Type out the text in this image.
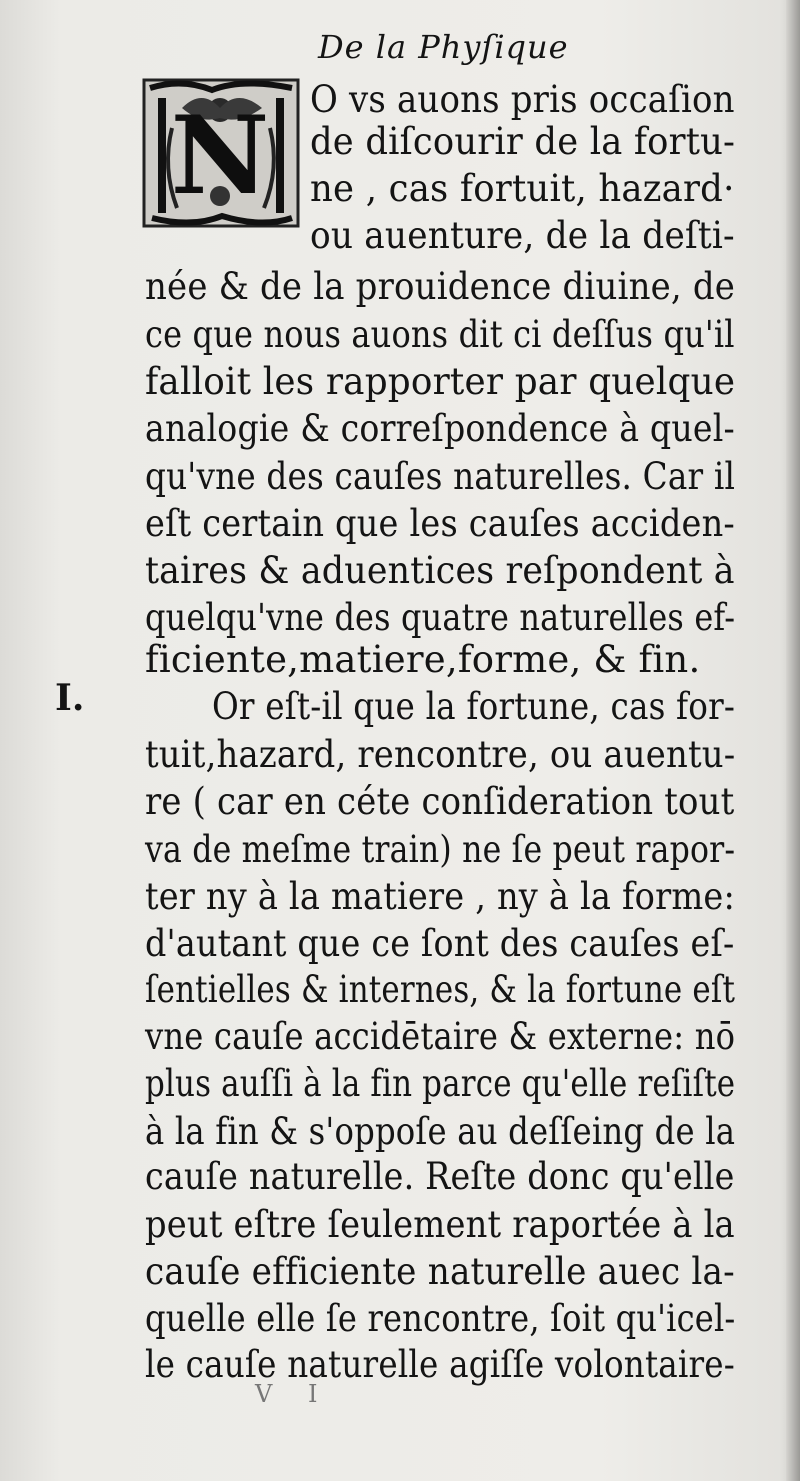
De la Phyſique
N
I.
O vs auons pris occaſion
de diſcourir de la fortu-
ne , cas fortuit, hazard·
ou auenture, de la deſti-
née & de la prouidence diuine, de
ce que nous auons dit ci deſſus qu'il
falloit les rapporter par quelque
analogie & correſpondence à quel-
qu'vne des cauſes naturelles. Car il
eſt certain que les cauſes acciden-
taires & aduentices reſpondent à
quelqu'vne des quatre naturelles ef-
ficiente,matiere,forme, & fin.
Or eſt-il que la fortune, cas for-
tuit,hazard, rencontre, ou auentu-
re ( car en céte conſideration tout
va de meſme train) ne ſe peut rapor-
ter ny à la matiere , ny à la forme:
d'autant que ce ſont des cauſes eſ-
ſentielles & internes, & la fortune eſt
vne cauſe accidētaire & externe: nō
plus auſſi à la fin parce qu'elle reſiſte
à la fin & s'oppoſe au deſſeing de la
cauſe naturelle. Reſte donc qu'elle
peut eſtre ſeulement raportée à la
cauſe efficiente naturelle auec la-
quelle elle ſe rencontre, ſoit qu'icel-
le cauſe naturelle agiſſe volontaire-
V I
